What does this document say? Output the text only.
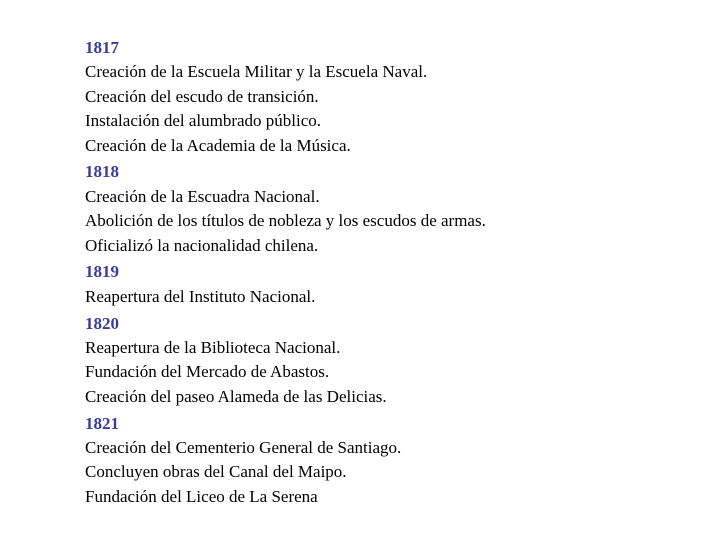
1817
Creación de la Escuela Militar y la Escuela Naval.
Creación del escudo de transición.
Instalación del alumbrado público.
Creación de la Academia de la Música.
1818
Creación de la Escuadra Nacional.
Abolición de los títulos de nobleza y los escudos de armas.
Oficializó la nacionalidad chilena.
1819
Reapertura del Instituto Nacional.
1820
Reapertura de la Biblioteca Nacional.
Fundación del Mercado de Abastos.
Creación del paseo Alameda de las Delicias.
1821
Creación del Cementerio General de Santiago.
Concluyen obras del Canal del Maipo.
Fundación del Liceo de La Serena
